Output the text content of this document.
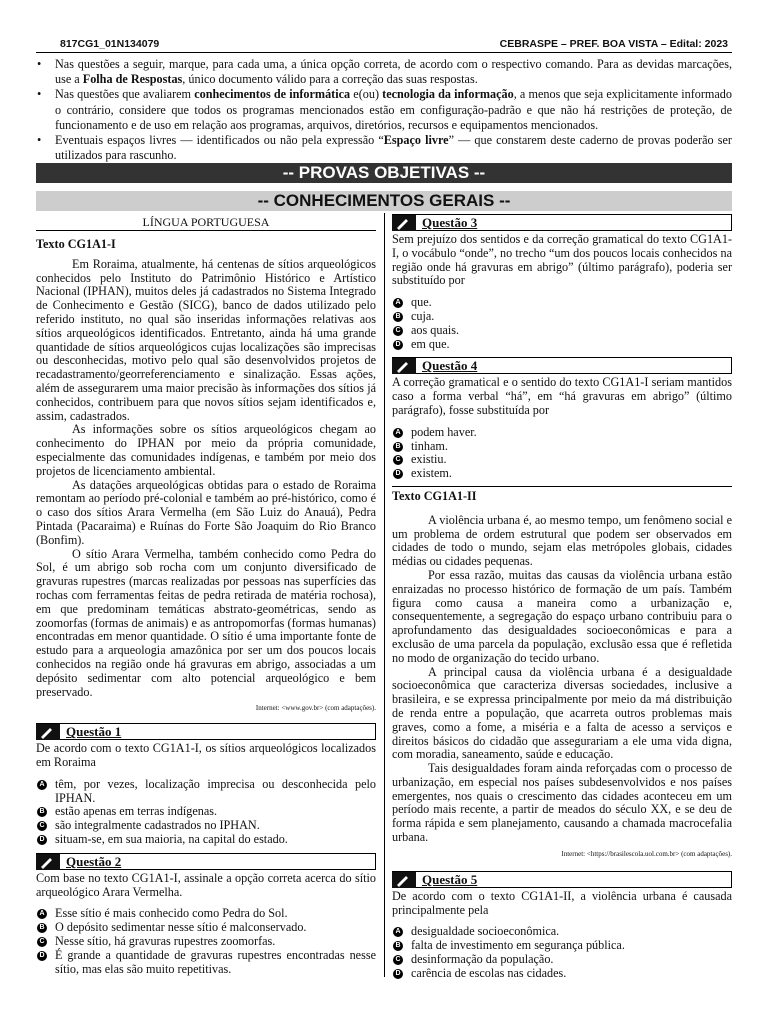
817CG1_01N134079	CEBRASPE – PREF. BOA VISTA – Edital: 2023
• Nas questões a seguir, marque, para cada uma, a única opção correta, de acordo com o respectivo comando. Para as devidas marcações, use a Folha de Respostas, único documento válido para a correção das suas respostas.
• Nas questões que avaliarem conhecimentos de informática e(ou) tecnologia da informação, a menos que seja explicitamente informado o contrário, considere que todos os programas mencionados estão em configuração-padrão e que não há restrições de proteção, de funcionamento e de uso em relação aos programas, arquivos, diretórios, recursos e equipamentos mencionados.
• Eventuais espaços livres — identificados ou não pela expressão “Espaço livre” — que constarem deste caderno de provas poderão ser utilizados para rascunho.
-- PROVAS OBJETIVAS --
-- CONHECIMENTOS GERAIS --
LÍNGUA PORTUGUESA
Texto CG1A1-I

Em Roraima, atualmente, há centenas de sítios arqueológicos conhecidos pelo Instituto do Patrimônio Histórico e Artístico Nacional (IPHAN), muitos deles já cadastrados no Sistema Integrado de Conhecimento e Gestão (SICG), banco de dados utilizado pelo referido instituto, no qual são inseridas informações relativas aos sítios arqueológicos identificados. Entretanto, ainda há uma grande quantidade de sítios arqueológicos cujas localizações são imprecisas ou desconhecidas, motivo pelo qual são desenvolvidos projetos de recadastramento/georreferenciamento e sinalização. Essas ações, além de assegurarem uma maior precisão às informações dos sítios já conhecidos, contribuem para que novos sítios sejam identificados e, assim, cadastrados.

As informações sobre os sítios arqueológicos chegam ao conhecimento do IPHAN por meio da própria comunidade, especialmente das comunidades indígenas, e também por meio dos projetos de licenciamento ambiental.

As datações arqueológicas obtidas para o estado de Roraima remontam ao período pré-colonial e também ao pré-histórico, como é o caso dos sítios Arara Vermelha (em São Luiz do Anauá), Pedra Pintada (Pacaraima) e Ruínas do Forte São Joaquim do Rio Branco (Bonfim).

O sítio Arara Vermelha, também conhecido como Pedra do Sol, é um abrigo sob rocha com um conjunto diversificado de gravuras rupestres (marcas realizadas por pessoas nas superfícies das rochas com ferramentas feitas de pedra retirada de matéria rochosa), em que predominam temáticas abstrato-geométricas, sendo as zoomorfas (formas de animais) e as antropomorfas (formas humanas) encontradas em menor quantidade. O sítio é uma importante fonte de estudo para a arqueologia amazônica por ser um dos poucos locais conhecidos na região onde há gravuras em abrigo, associadas a um depósito sedimentar com alto potencial arqueológico e bem preservado.

Internet: <www.gov.br> (com adaptações).
Questão 1

De acordo com o texto CG1A1-I, os sítios arqueológicos localizados em Roraima

A têm, por vezes, localização imprecisa ou desconhecida pelo IPHAN.
B estão apenas em terras indígenas.
C são integralmente cadastrados no IPHAN.
D situam-se, em sua maioria, na capital do estado.
Questão 2

Com base no texto CG1A1-I, assinale a opção correta acerca do sítio arqueológico Arara Vermelha.

A Esse sítio é mais conhecido como Pedra do Sol.
B O depósito sedimentar nesse sítio é malconservado.
C Nesse sítio, há gravuras rupestres zoomorfas.
D É grande a quantidade de gravuras rupestres encontradas nesse sítio, mas elas são muito repetitivas.
Questão 3

Sem prejuízo dos sentidos e da correção gramatical do texto CG1A1-I, o vocábulo “onde”, no trecho “um dos poucos locais conhecidos na região onde há gravuras em abrigo” (último parágrafo), poderia ser substituído por

A que.
B cuja.
C aos quais.
D em que.
Questão 4

A correção gramatical e o sentido do texto CG1A1-I seriam mantidos caso a forma verbal “há”, em “há gravuras em abrigo” (último parágrafo), fosse substituída por

A podem haver.
B tinham.
C existiu.
D existem.
Texto CG1A1-II

A violência urbana é, ao mesmo tempo, um fenômeno social e um problema de ordem estrutural que podem ser observados em cidades de todo o mundo, sejam elas metrópoles globais, cidades médias ou cidades pequenas.

Por essa razão, muitas das causas da violência urbana estão enraizadas no processo histórico de formação de um país. Também figura como causa a maneira como a urbanização e, consequentemente, a segregação do espaço urbano contribuiu para o aprofundamento das desigualdades socioeconômicas e para a exclusão de uma parcela da população, exclusão essa que é refletida no modo de organização do tecido urbano.

A principal causa da violência urbana é a desigualdade socioeconômica que caracteriza diversas sociedades, inclusive a brasileira, e se expressa principalmente por meio da má distribuição de renda entre a população, que acarreta outros problemas mais graves, como a fome, a miséria e a falta de acesso a serviços e direitos básicos do cidadão que assegurariam a ele uma vida digna, com moradia, saneamento, saúde e educação.

Tais desigualdades foram ainda reforçadas com o processo de urbanização, em especial nos países subdesenvolvidos e nos países emergentes, nos quais o crescimento das cidades aconteceu em um período mais recente, a partir de meados do século XX, e se deu de forma rápida e sem planejamento, causando a chamada macrocefalia urbana.

Internet: <https://brasilescola.uol.com.br> (com adaptações).
Questão 5

De acordo com o texto CG1A1-II, a violência urbana é causada principalmente pela

A desigualdade socioeconômica.
B falta de investimento em segurança pública.
C desinformação da população.
D carência de escolas nas cidades.
